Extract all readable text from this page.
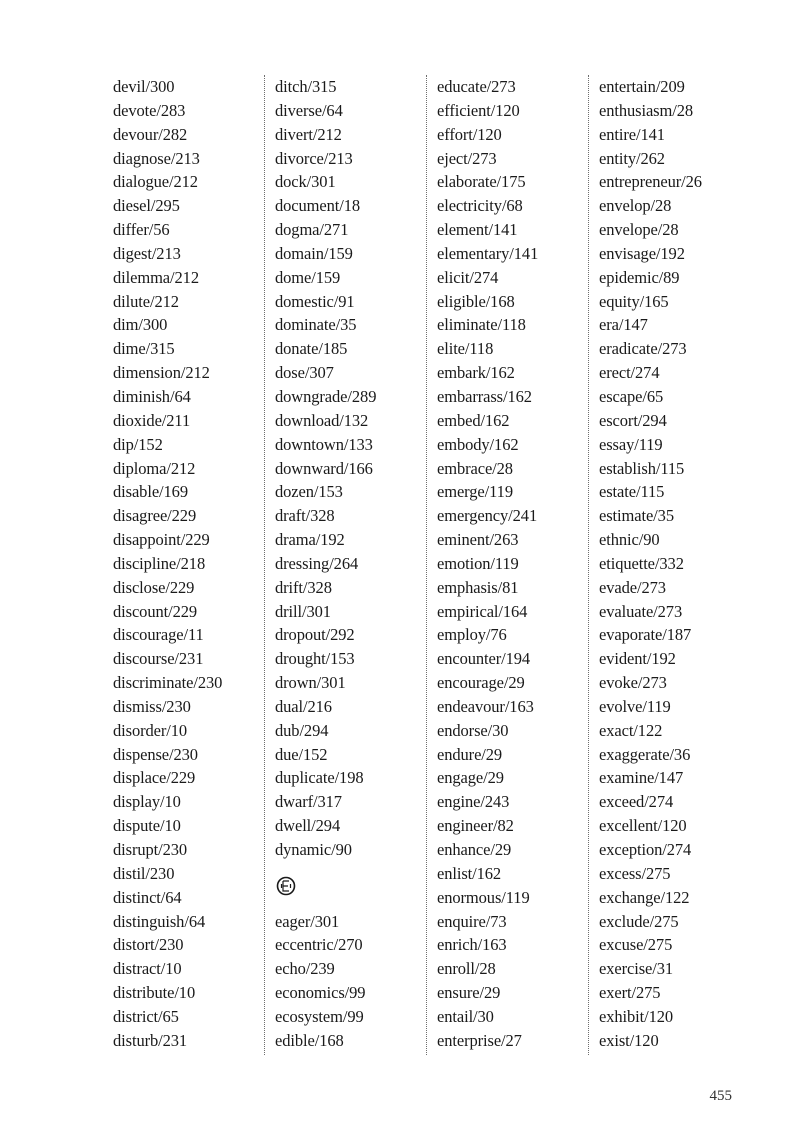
devil/300
devote/283
devour/282
diagnose/213
dialogue/212
diesel/295
differ/56
digest/213
dilemma/212
dilute/212
dim/300
dime/315
dimension/212
diminish/64
dioxide/211
dip/152
diploma/212
disable/169
disagree/229
disappoint/229
discipline/218
disclose/229
discount/229
discourage/11
discourse/231
discriminate/230
dismiss/230
disorder/10
dispense/230
displace/229
display/10
dispute/10
disrupt/230
distil/230
distinct/64
distinguish/64
distort/230
distract/10
distribute/10
district/65
disturb/231
ditch/315
diverse/64
divert/212
divorce/213
dock/301
document/18
dogma/271
domain/159
dome/159
domestic/91
dominate/35
donate/185
dose/307
downgrade/289
download/132
downtown/133
downward/166
dozen/153
draft/328
drama/192
dressing/264
drift/328
drill/301
dropout/292
drought/153
drown/301
dual/216
dub/294
due/152
duplicate/198
dwarf/317
dwell/294
dynamic/90
eager/301
eccentric/270
echo/239
economics/99
ecosystem/99
edible/168
educate/273
efficient/120
effort/120
eject/273
elaborate/175
electricity/68
element/141
elementary/141
elicit/274
eligible/168
eliminate/118
elite/118
embark/162
embarrass/162
embed/162
embody/162
embrace/28
emerge/119
emergency/241
eminent/263
emotion/119
emphasis/81
empirical/164
employ/76
encounter/194
encourage/29
endeavour/163
endorse/30
endure/29
engage/29
engine/243
engineer/82
enhance/29
enlist/162
enormous/119
enquire/73
enrich/163
enroll/28
ensure/29
entail/30
enterprise/27
entertain/209
enthusiasm/28
entire/141
entity/262
entrepreneur/26
envelop/28
envelope/28
envisage/192
epidemic/89
equity/165
era/147
eradicate/273
erect/274
escape/65
escort/294
essay/119
establish/115
estate/115
estimate/35
ethnic/90
etiquette/332
evade/273
evaluate/273
evaporate/187
evident/192
evoke/273
evolve/119
exact/122
exaggerate/36
examine/147
exceed/274
excellent/120
exception/274
excess/275
exchange/122
exclude/275
excuse/275
exercise/31
exert/275
exhibit/120
exist/120
455
